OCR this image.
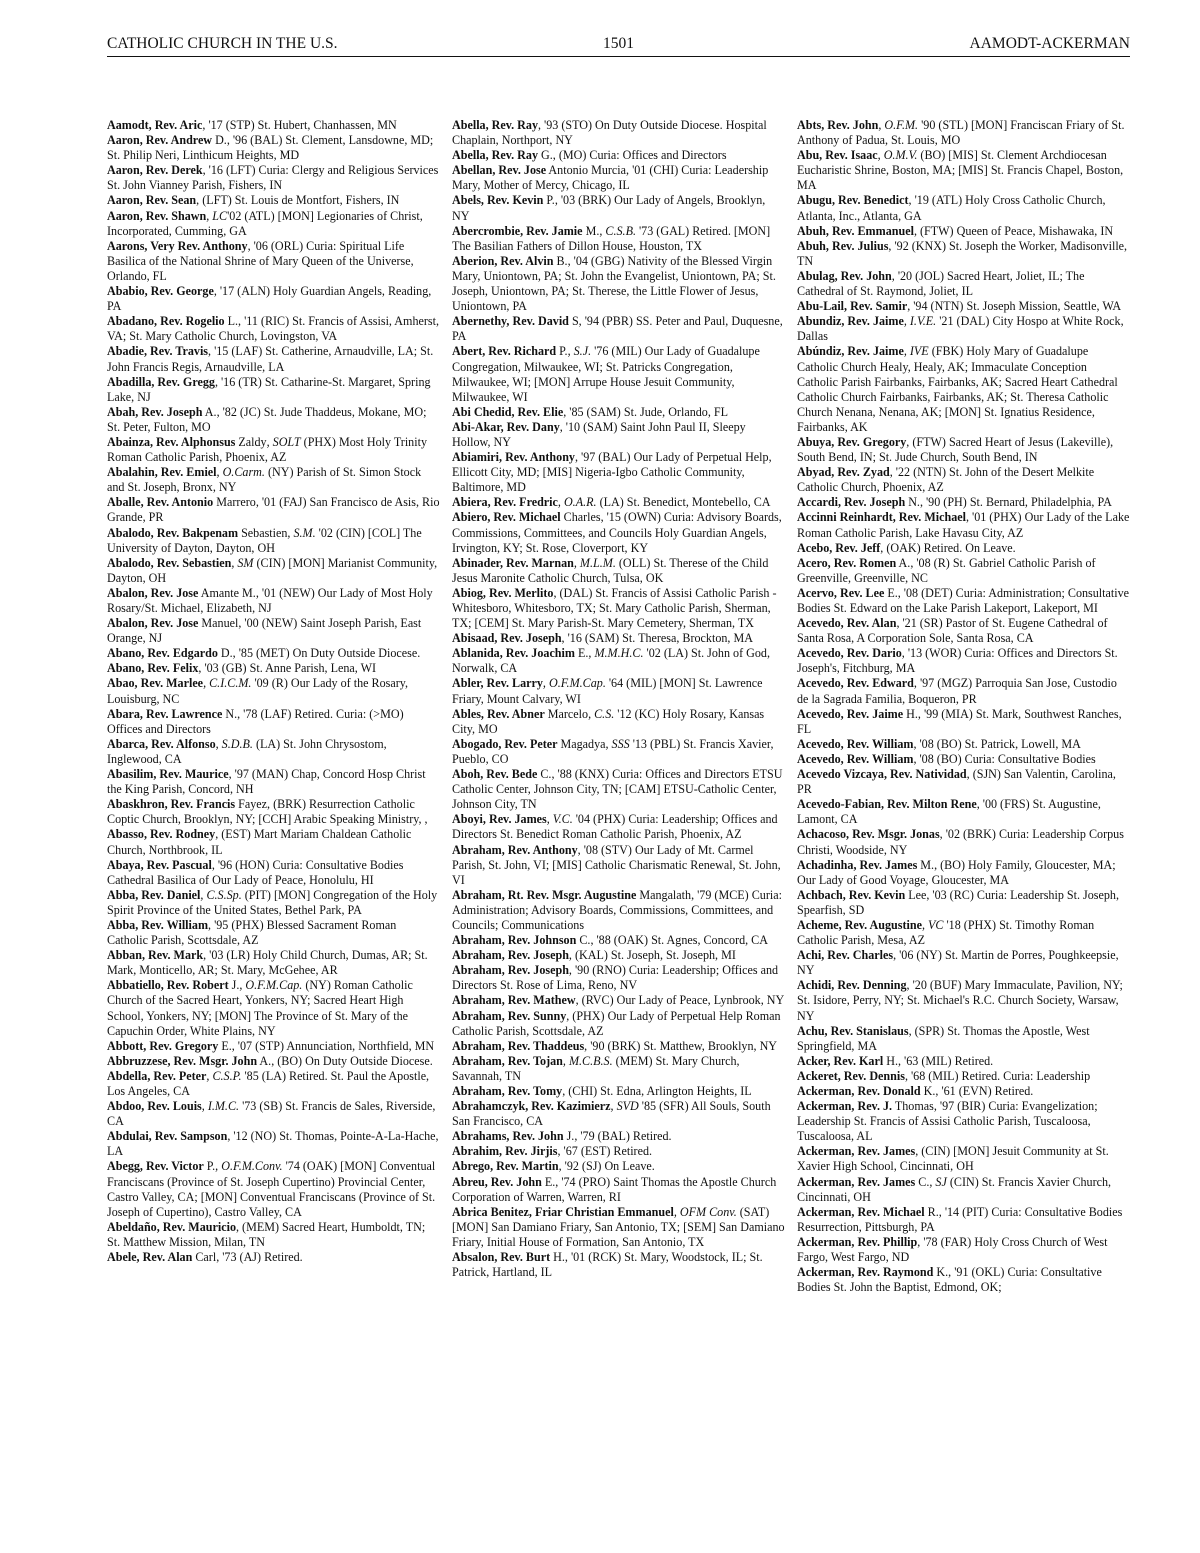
CATHOLIC CHURCH IN THE U.S.	1501	AAMODT-ACKERMAN

Aamodt, Rev. Aric, '17 (STP) St. Hubert, Chanhassen, MN

Aaron, Rev. Andrew D., '96 (BAL) St. Clement, Lansdowne, MD; St. Philip Neri, Linthicum Heights, MD

Aaron, Rev. Derek, '16 (LFT) Curia: Clergy and Religious Services St. John Vianney Parish, Fishers, IN

Aaron, Rev. Sean, (LFT) St. Louis de Montfort, Fishers, IN

Aaron, Rev. Shawn, LC'02 (ATL) [MON] Legionaries of Christ, Incorporated, Cumming, GA

Aarons, Very Rev. Anthony, '06 (ORL) Curia: Spiritual Life Basilica of the National Shrine of Mary Queen of the Universe, Orlando, FL

Ababio, Rev. George, '17 (ALN) Holy Guardian Angels, Reading, PA

Abadano, Rev. Rogelio L., '11 (RIC) St. Francis of Assisi, Amherst, VA; St. Mary Catholic Church, Lovingston, VA

Abadie, Rev. Travis, '15 (LAF) St. Catherine, Arnaudville, LA; St. John Francis Regis, Arnaudville, LA

Abadilla, Rev. Gregg, '16 (TR) St. Catharine-St. Margaret, Spring Lake, NJ

Abah, Rev. Joseph A., '82 (JC) St. Jude Thaddeus, Mokane, MO; St. Peter, Fulton, MO

Abainza, Rev. Alphonsus Zaldy, SOLT (PHX) Most Holy Trinity Roman Catholic Parish, Phoenix, AZ

Abalahin, Rev. Emiel, O.Carm. (NY) Parish of St. Simon Stock and St. Joseph, Bronx, NY

Aballe, Rev. Antonio Marrero, '01 (FAJ) San Francisco de Asis, Rio Grande, PR

Abalodo, Rev. Bakpenam Sebastien, S.M. '02 (CIN) [COL] The University of Dayton, Dayton, OH

Abalodo, Rev. Sebastien, SM (CIN) [MON] Marianist Community, Dayton, OH

Abalon, Rev. Jose Amante M., '01 (NEW) Our Lady of Most Holy Rosary/St. Michael, Elizabeth, NJ

Abalon, Rev. Jose Manuel, '00 (NEW) Saint Joseph Parish, East Orange, NJ

Abano, Rev. Edgardo D., '85 (MET) On Duty Outside Diocese.

Abano, Rev. Felix, '03 (GB) St. Anne Parish, Lena, WI

Abao, Rev. Marlee, C.I.C.M. '09 (R) Our Lady of the Rosary, Louisburg, NC

Abara, Rev. Lawrence N., '78 (LAF) Retired. Curia: (>MO) Offices and Directors

Abarca, Rev. Alfonso, S.D.B. (LA) St. John Chrysostom, Inglewood, CA

Abasilim, Rev. Maurice, '97 (MAN) Chap, Concord Hosp Christ the King Parish, Concord, NH

Abaskhron, Rev. Francis Fayez, (BRK) Resurrection Catholic Coptic Church, Brooklyn, NY; [CCH] Arabic Speaking Ministry, ,

Abasso, Rev. Rodney, (EST) Mart Mariam Chaldean Catholic Church, Northbrook, IL

Abaya, Rev. Pascual, '96 (HON) Curia: Consultative Bodies Cathedral Basilica of Our Lady of Peace, Honolulu, HI

Abba, Rev. Daniel, C.S.Sp. (PIT) [MON] Congregation of the Holy Spirit Province of the United States, Bethel Park, PA

Abba, Rev. William, '95 (PHX) Blessed Sacrament Roman Catholic Parish, Scottsdale, AZ

Abban, Rev. Mark, '03 (LR) Holy Child Church, Dumas, AR; St. Mark, Monticello, AR; St. Mary, McGehee, AR

Abbatiello, Rev. Robert J., O.F.M.Cap. (NY) Roman Catholic Church of the Sacred Heart, Yonkers, NY; Sacred Heart High School, Yonkers, NY; [MON] The Province of St. Mary of the Capuchin Order, White Plains, NY

Abbott, Rev. Gregory E., '07 (STP) Annunciation, Northfield, MN

Abbruzzese, Rev. Msgr. John A., (BO) On Duty Outside Diocese.

Abdella, Rev. Peter, C.S.P. '85 (LA) Retired. St. Paul the Apostle, Los Angeles, CA

Abdoo, Rev. Louis, I.M.C. '73 (SB) St. Francis de Sales, Riverside, CA

Abdulai, Rev. Sampson, '12 (NO) St. Thomas, Pointe-A-La-Hache, LA

Abegg, Rev. Victor P., O.F.M.Conv. '74 (OAK) [MON] Conventual Franciscans (Province of St. Joseph Cupertino) Provincial Center, Castro Valley, CA; [MON] Conventual Franciscans (Province of St. Joseph of Cupertino), Castro Valley, CA

Abeldaño, Rev. Mauricio, (MEM) Sacred Heart, Humboldt, TN; St. Matthew Mission, Milan, TN

Abele, Rev. Alan Carl, '73 (AJ) Retired.

Abella, Rev. Ray, '93 (STO) On Duty Outside Diocese. Hospital Chaplain, Northport, NY

Abella, Rev. Ray G., (MO) Curia: Offices and Directors

Abellan, Rev. Jose Antonio Murcia, '01 (CHI) Curia: Leadership Mary, Mother of Mercy, Chicago, IL

Abels, Rev. Kevin P., '03 (BRK) Our Lady of Angels, Brooklyn, NY

Abercrombie, Rev. Jamie M., C.S.B. '73 (GAL) Retired. [MON] The Basilian Fathers of Dillon House, Houston, TX

Aberion, Rev. Alvin B., '04 (GBG) Nativity of the Blessed Virgin Mary, Uniontown, PA; St. John the Evangelist, Uniontown, PA; St. Joseph, Uniontown, PA; St. Therese, the Little Flower of Jesus, Uniontown, PA

Abernethy, Rev. David S, '94 (PBR) SS. Peter and Paul, Duquesne, PA

Abert, Rev. Richard P., S.J. '76 (MIL) Our Lady of Guadalupe Congregation, Milwaukee, WI; St. Patricks Congregation, Milwaukee, WI; [MON] Arrupe House Jesuit Community, Milwaukee, WI

Abi Chedid, Rev. Elie, '85 (SAM) St. Jude, Orlando, FL

Abi-Akar, Rev. Dany, '10 (SAM) Saint John Paul II, Sleepy Hollow, NY

Abiamiri, Rev. Anthony, '97 (BAL) Our Lady of Perpetual Help, Ellicott City, MD; [MIS] Nigeria-Igbo Catholic Community, Baltimore, MD

Abiera, Rev. Fredric, O.A.R. (LA) St. Benedict, Montebello, CA

Abiero, Rev. Michael Charles, '15 (OWN) Curia: Advisory Boards, Commissions, Committees, and Councils Holy Guardian Angels, Irvington, KY; St. Rose, Cloverport, KY

Abinader, Rev. Marnan, M.L.M. (OLL) St. Therese of the Child Jesus Maronite Catholic Church, Tulsa, OK

Abiog, Rev. Merlito, (DAL) St. Francis of Assisi Catholic Parish - Whitesboro, Whitesboro, TX; St. Mary Catholic Parish, Sherman, TX; [CEM] St. Mary Parish-St. Mary Cemetery, Sherman, TX

Abisaad, Rev. Joseph, '16 (SAM) St. Theresa, Brockton, MA

Ablanida, Rev. Joachim E., M.M.H.C. '02 (LA) St. John of God, Norwalk, CA

Abler, Rev. Larry, O.F.M.Cap. '64 (MIL) [MON] St. Lawrence Friary, Mount Calvary, WI

Ables, Rev. Abner Marcelo, C.S. '12 (KC) Holy Rosary, Kansas City, MO

Abogado, Rev. Peter Magadya, SSS '13 (PBL) St. Francis Xavier, Pueblo, CO

Aboh, Rev. Bede C., '88 (KNX) Curia: Offices and Directors ETSU Catholic Center, Johnson City, TN; [CAM] ETSU-Catholic Center, Johnson City, TN

Aboyi, Rev. James, V.C. '04 (PHX) Curia: Leadership; Offices and Directors St. Benedict Roman Catholic Parish, Phoenix, AZ

Abraham, Rev. Anthony, '08 (STV) Our Lady of Mt. Carmel Parish, St. John, VI; [MIS] Catholic Charismatic Renewal, St. John, VI

Abraham, Rt. Rev. Msgr. Augustine Mangalath, '79 (MCE) Curia: Administration; Advisory Boards, Commissions, Committees, and Councils; Communications

Abraham, Rev. Johnson C., '88 (OAK) St. Agnes, Concord, CA

Abraham, Rev. Joseph, (KAL) St. Joseph, St. Joseph, MI

Abraham, Rev. Joseph, '90 (RNO) Curia: Leadership; Offices and Directors St. Rose of Lima, Reno, NV

Abraham, Rev. Mathew, (RVC) Our Lady of Peace, Lynbrook, NY

Abraham, Rev. Sunny, (PHX) Our Lady of Perpetual Help Roman Catholic Parish, Scottsdale, AZ

Abraham, Rev. Thaddeus, '90 (BRK) St. Matthew, Brooklyn, NY

Abraham, Rev. Tojan, M.C.B.S. (MEM) St. Mary Church, Savannah, TN

Abraham, Rev. Tomy, (CHI) St. Edna, Arlington Heights, IL

Abrahamczyk, Rev. Kazimierz, SVD '85 (SFR) All Souls, South San Francisco, CA

Abrahams, Rev. John J., '79 (BAL) Retired.

Abrahim, Rev. Jirjis, '67 (EST) Retired.

Abrego, Rev. Martin, '92 (SJ) On Leave.

Abreu, Rev. John E., '74 (PRO) Saint Thomas the Apostle Church Corporation of Warren, Warren, RI

Abrica Benitez, Friar Christian Emmanuel, OFM Conv. (SAT) [MON] San Damiano Friary, San Antonio, TX; [SEM] San Damiano Friary, Initial House of Formation, San Antonio, TX

Absalon, Rev. Burt H., '01 (RCK) St. Mary, Woodstock, IL; St. Patrick, Hartland, IL

Abts, Rev. John, O.F.M. '90 (STL) [MON] Franciscan Friary of St. Anthony of Padua, St. Louis, MO

Abu, Rev. Isaac, O.M.V. (BO) [MIS] St. Clement Archdiocesan Eucharistic Shrine, Boston, MA; [MIS] St. Francis Chapel, Boston, MA

Abugu, Rev. Benedict, '19 (ATL) Holy Cross Catholic Church, Atlanta, Inc., Atlanta, GA

Abuh, Rev. Emmanuel, (FTW) Queen of Peace, Mishawaka, IN

Abuh, Rev. Julius, '92 (KNX) St. Joseph the Worker, Madisonville, TN

Abulag, Rev. John, '20 (JOL) Sacred Heart, Joliet, IL; The Cathedral of St. Raymond, Joliet, IL

Abu-Lail, Rev. Samir, '94 (NTN) St. Joseph Mission, Seattle, WA

Abundiz, Rev. Jaime, I.V.E. '21 (DAL) City Hospo at White Rock, Dallas

Abúndiz, Rev. Jaime, IVE (FBK) Holy Mary of Guadalupe Catholic Church Healy, Healy, AK; Immaculate Conception Catholic Parish Fairbanks, Fairbanks, AK; Sacred Heart Cathedral Catholic Church Fairbanks, Fairbanks, AK; St. Theresa Catholic Church Nenana, Nenana, AK; [MON] St. Ignatius Residence, Fairbanks, AK

Abuya, Rev. Gregory, (FTW) Sacred Heart of Jesus (Lakeville), South Bend, IN; St. Jude Church, South Bend, IN

Abyad, Rev. Zyad, '22 (NTN) St. John of the Desert Melkite Catholic Church, Phoenix, AZ

Accardi, Rev. Joseph N., '90 (PH) St. Bernard, Philadelphia, PA

Accinni Reinhardt, Rev. Michael, '01 (PHX) Our Lady of the Lake Roman Catholic Parish, Lake Havasu City, AZ

Acebo, Rev. Jeff, (OAK) Retired. On Leave.

Acero, Rev. Romen A., '08 (R) St. Gabriel Catholic Parish of Greenville, Greenville, NC

Acervo, Rev. Lee E., '08 (DET) Curia: Administration; Consultative Bodies St. Edward on the Lake Parish Lakeport, Lakeport, MI

Acevedo, Rev. Alan, '21 (SR) Pastor of St. Eugene Cathedral of Santa Rosa, A Corporation Sole, Santa Rosa, CA

Acevedo, Rev. Dario, '13 (WOR) Curia: Offices and Directors St. Joseph's, Fitchburg, MA

Acevedo, Rev. Edward, '97 (MGZ) Parroquia San Jose, Custodio de la Sagrada Familia, Boqueron, PR

Acevedo, Rev. Jaime H., '99 (MIA) St. Mark, Southwest Ranches, FL

Acevedo, Rev. William, '08 (BO) St. Patrick, Lowell, MA

Acevedo, Rev. William, '08 (BO) Curia: Consultative Bodies

Acevedo Vizcaya, Rev. Natividad, (SJN) San Valentin, Carolina, PR

Acevedo-Fabian, Rev. Milton Rene, '00 (FRS) St. Augustine, Lamont, CA

Achacoso, Rev. Msgr. Jonas, '02 (BRK) Curia: Leadership Corpus Christi, Woodside, NY

Achadinha, Rev. James M., (BO) Holy Family, Gloucester, MA; Our Lady of Good Voyage, Gloucester, MA

Achbach, Rev. Kevin Lee, '03 (RC) Curia: Leadership St. Joseph, Spearfish, SD

Acheme, Rev. Augustine, VC '18 (PHX) St. Timothy Roman Catholic Parish, Mesa, AZ

Achi, Rev. Charles, '06 (NY) St. Martin de Porres, Poughkeepsie, NY

Achidi, Rev. Denning, '20 (BUF) Mary Immaculate, Pavilion, NY; St. Isidore, Perry, NY; St. Michael's R.C. Church Society, Warsaw, NY

Achu, Rev. Stanislaus, (SPR) St. Thomas the Apostle, West Springfield, MA

Acker, Rev. Karl H., '63 (MIL) Retired.

Ackeret, Rev. Dennis, '68 (MIL) Retired. Curia: Leadership

Ackerman, Rev. Donald K., '61 (EVN) Retired.

Ackerman, Rev. J. Thomas, '97 (BIR) Curia: Evangelization; Leadership St. Francis of Assisi Catholic Parish, Tuscaloosa, Tuscaloosa, AL

Ackerman, Rev. James, (CIN) [MON] Jesuit Community at St. Xavier High School, Cincinnati, OH

Ackerman, Rev. James C., SJ (CIN) St. Francis Xavier Church, Cincinnati, OH

Ackerman, Rev. Michael R., '14 (PIT) Curia: Consultative Bodies Resurrection, Pittsburgh, PA

Ackerman, Rev. Phillip, '78 (FAR) Holy Cross Church of West Fargo, West Fargo, ND

Ackerman, Rev. Raymond K., '91 (OKL) Curia: Consultative Bodies St. John the Baptist, Edmond, OK;
